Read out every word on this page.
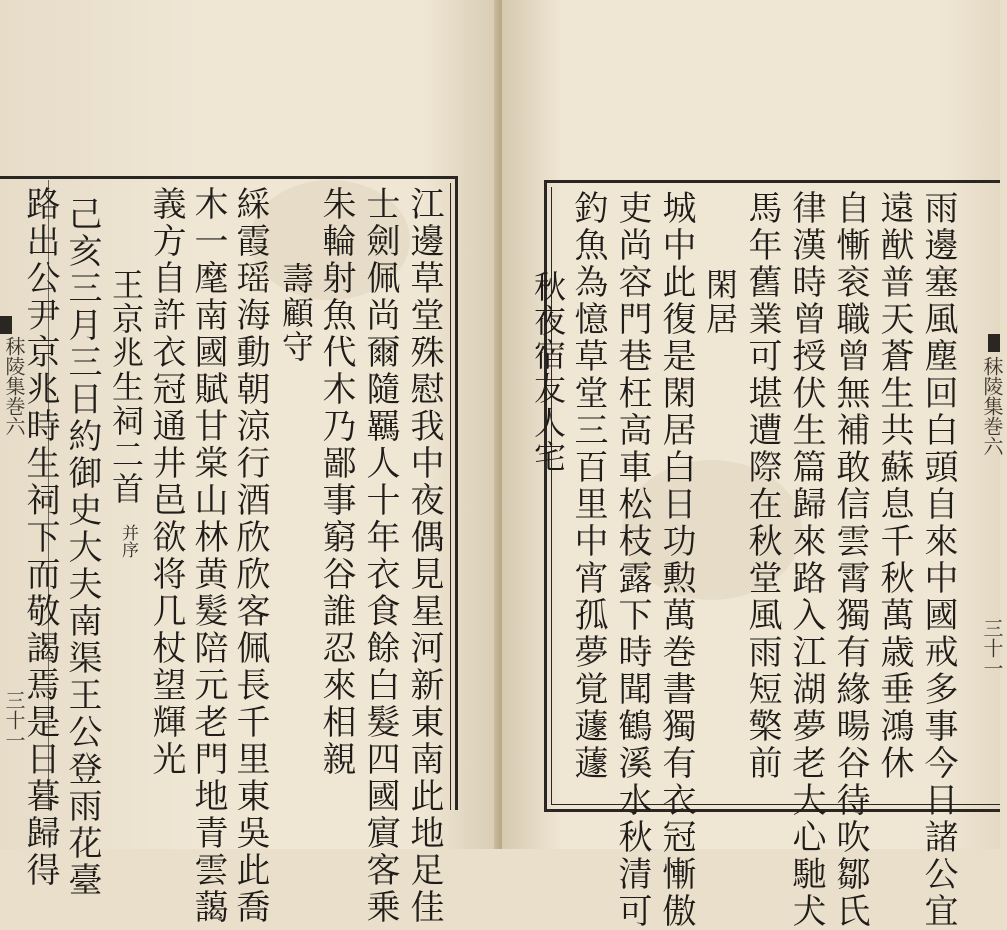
江邊草堂殊慰我中夜偶見星河新東南此地足佳
士劍佩尚爾隨羈人十年衣食餘白髮四國賔客乗
朱輪射魚代木乃鄙事窮谷誰忍來相親
壽顧守
綵霞瑶海動朝涼行酒欣欣客佩長千里東吳此喬
木一麾南國賦甘棠山林黄髮陪元老門地青雲藹
義方自許衣冠通井邑欲将几杖望輝光
王京兆生祠二首
并序
己亥三月三日約御史大夫南渠王公登雨花臺
路出公尹京兆時生祠下而敬謁焉是日暮歸得
秣陵集巻六
三十一	雨邊塞風塵回白頭自來中國戒多事今日諸公宜
遠猷普天蒼生共蘇息千秋萬歳垂鴻休
自慚衮職曾無補敢信雲霄獨有緣暘谷待吹鄒氏
律漢時曾授伏生篇歸來路入江湖夢老大心馳犬
馬年舊業可堪遭際在秋堂風雨短檠前
閑居
城中此復是閑居白日功勲萬巻書獨有衣冠慚傲
吏尚容門巷枉高車松枝露下時聞鶴溪水秋清可
釣魚為憶草堂三百里中宵孤夢覚蘧蘧
秋夜宿友人宅	秣陵集巻六
三十一
